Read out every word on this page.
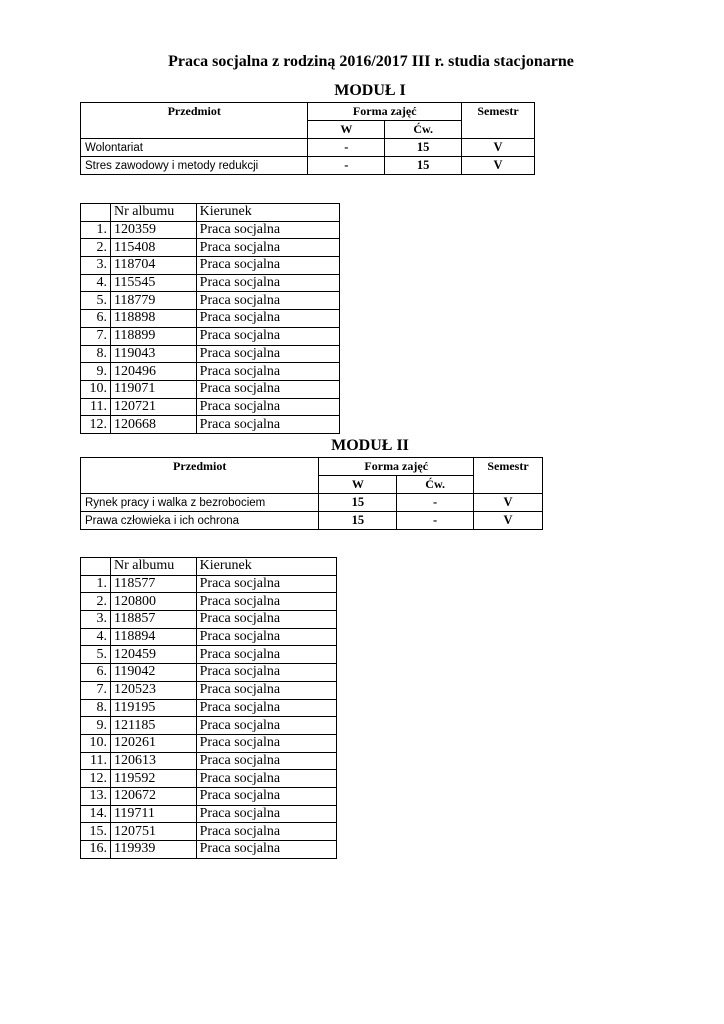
Praca socjalna z rodziną 2016/2017 III r. studia stacjonarne
MODUŁ I
Przedmiot	Forma zajęć		Semestr
	W	Ćw.	
Wolontariat	-	15	V
Stres zawodowy i metody redukcji	-	15	V
	Nr albumu	Kierunek
1.	120359	Praca socjalna
2.	115408	Praca socjalna
3.	118704	Praca socjalna
4.	115545	Praca socjalna
5.	118779	Praca socjalna
6.	118898	Praca socjalna
7.	118899	Praca socjalna
8.	119043	Praca socjalna
9.	120496	Praca socjalna
10.	119071	Praca socjalna
11.	120721	Praca socjalna
12.	120668	Praca socjalna
MODUŁ II
Przedmiot	Forma zajęć		Semestr
	W	Ćw.	
Rynek pracy i walka z bezrobociem	15	-	V
Prawa człowieka i ich ochrona	15	-	V
	Nr albumu	Kierunek
1.	118577	Praca socjalna
2.	120800	Praca socjalna
3.	118857	Praca socjalna
4.	118894	Praca socjalna
5.	120459	Praca socjalna
6.	119042	Praca socjalna
7.	120523	Praca socjalna
8.	119195	Praca socjalna
9.	121185	Praca socjalna
10.	120261	Praca socjalna
11.	120613	Praca socjalna
12.	119592	Praca socjalna
13.	120672	Praca socjalna
14.	119711	Praca socjalna
15.	120751	Praca socjalna
16.	119939	Praca socjalna
